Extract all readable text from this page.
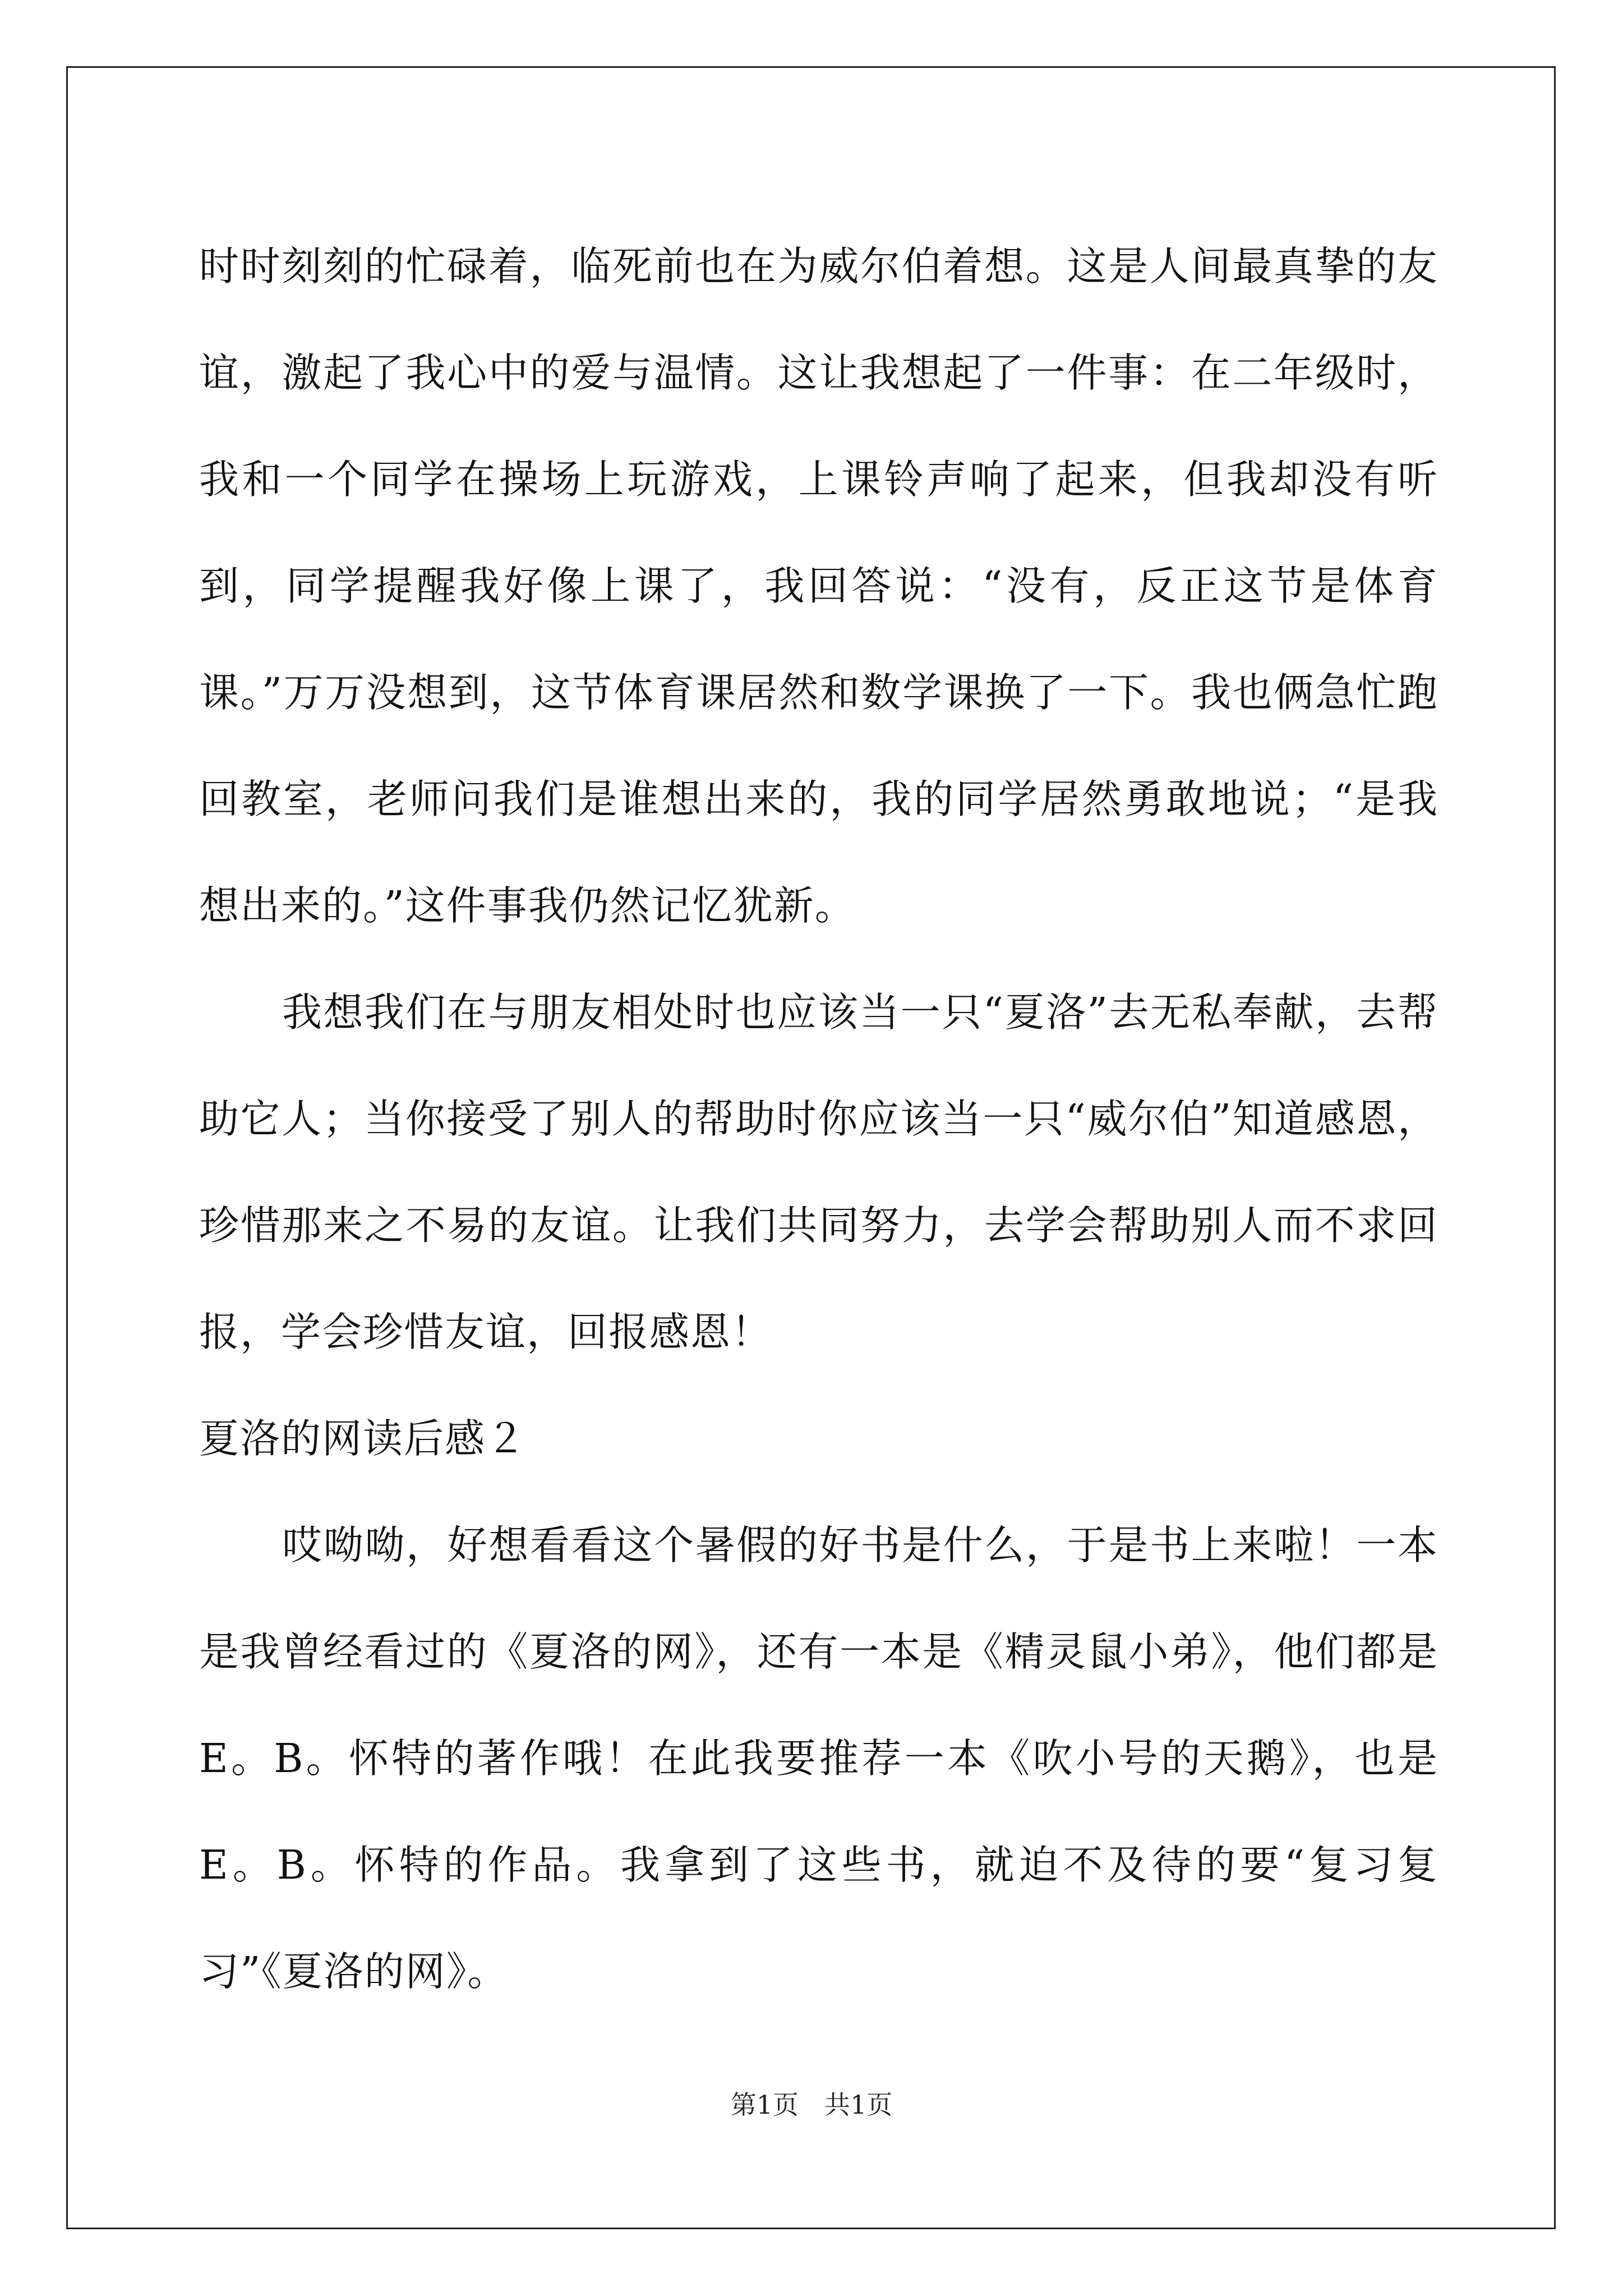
时时刻刻的忙碌着，临死前也在为威尔伯着想。这是人间最真挚的友谊，激起了我心中的爱与温情。这让我想起了一件事：在二年级时，我和一个同学在操场上玩游戏，上课铃声响了起来，但我却没有听到，同学提醒我好像上课了，我回答说：“没有，反正这节是体育课。”万万没想到，这节体育课居然和数学课换了一下。我也俩急忙跑回教室，老师问我们是谁想出来的，我的同学居然勇敢地说；“是我想出来的。”这件事我仍然记忆犹新。

我想我们在与朋友相处时也应该当一只“夏洛”去无私奉献，去帮助它人；当你接受了别人的帮助时你应该当一只“威尔伯”知道感恩，珍惜那来之不易的友谊。让我们共同努力，去学会帮助别人而不求回报，学会珍惜友谊，回报感恩！

夏洛的网读后感２

哎呦呦，好想看看这个暑假的好书是什么，于是书上来啦！一本是我曾经看过的《夏洛的网》，还有一本是《精灵鼠小弟》，他们都是E。B。怀特的著作哦！在此我要推荐一本《吹小号的天鹅》，也是E。B。怀特的作品。我拿到了这些书，就迫不及待的要“复习复习”《夏洛的网》。

第1页　共1页
